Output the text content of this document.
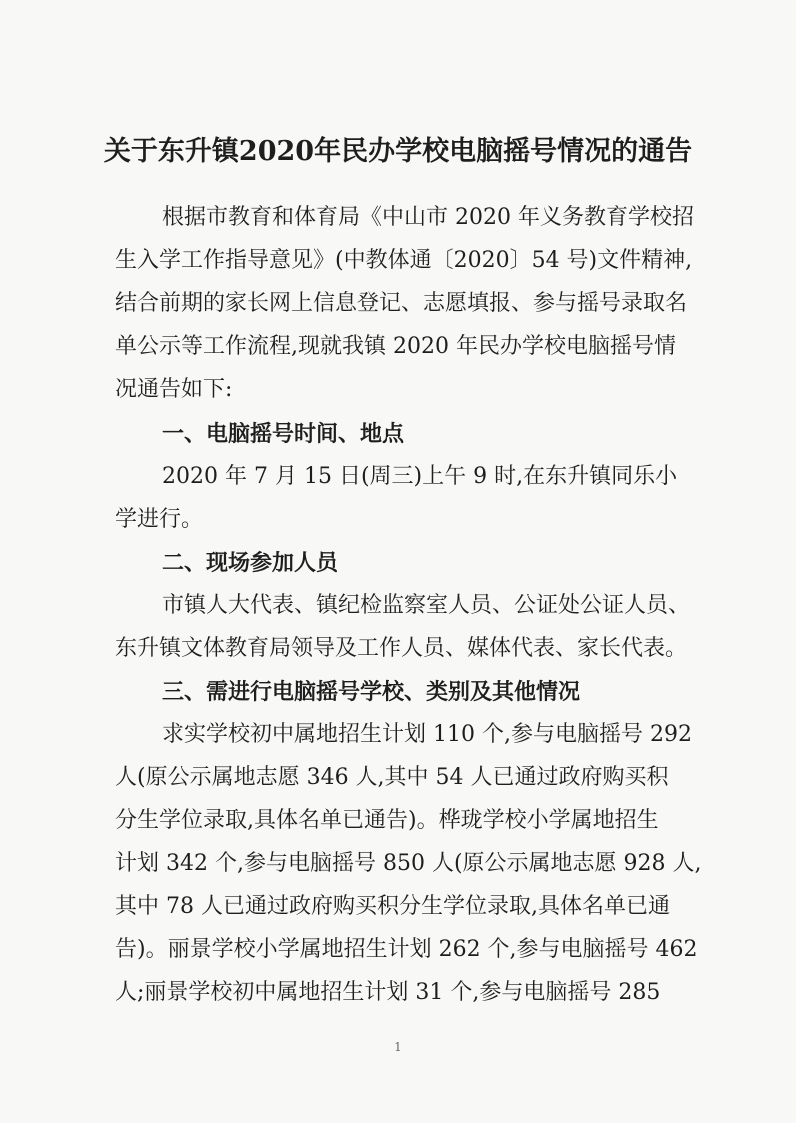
关于东升镇2020年民办学校电脑摇号情况的通告
根据市教育和体育局《中山市 2020 年义务教育学校招
生入学工作指导意见》(中教体通〔2020〕54 号)文件精神,
结合前期的家长网上信息登记、志愿填报、参与摇号录取名
单公示等工作流程,现就我镇 2020 年民办学校电脑摇号情
况通告如下:
一、电脑摇号时间、地点
2020 年 7 月 15 日(周三)上午 9 时,在东升镇同乐小
学进行。
二、现场参加人员
市镇人大代表、镇纪检监察室人员、公证处公证人员、
东升镇文体教育局领导及工作人员、媒体代表、家长代表。
三、需进行电脑摇号学校、类别及其他情况
求实学校初中属地招生计划 110 个,参与电脑摇号 292
人(原公示属地志愿 346 人,其中 54 人已通过政府购买积
分生学位录取,具体名单已通告)。桦珑学校小学属地招生
计划 342 个,参与电脑摇号 850 人(原公示属地志愿 928 人,
其中 78 人已通过政府购买积分生学位录取,具体名单已通
告)。丽景学校小学属地招生计划 262 个,参与电脑摇号 462
人;丽景学校初中属地招生计划 31 个,参与电脑摇号 285
1
